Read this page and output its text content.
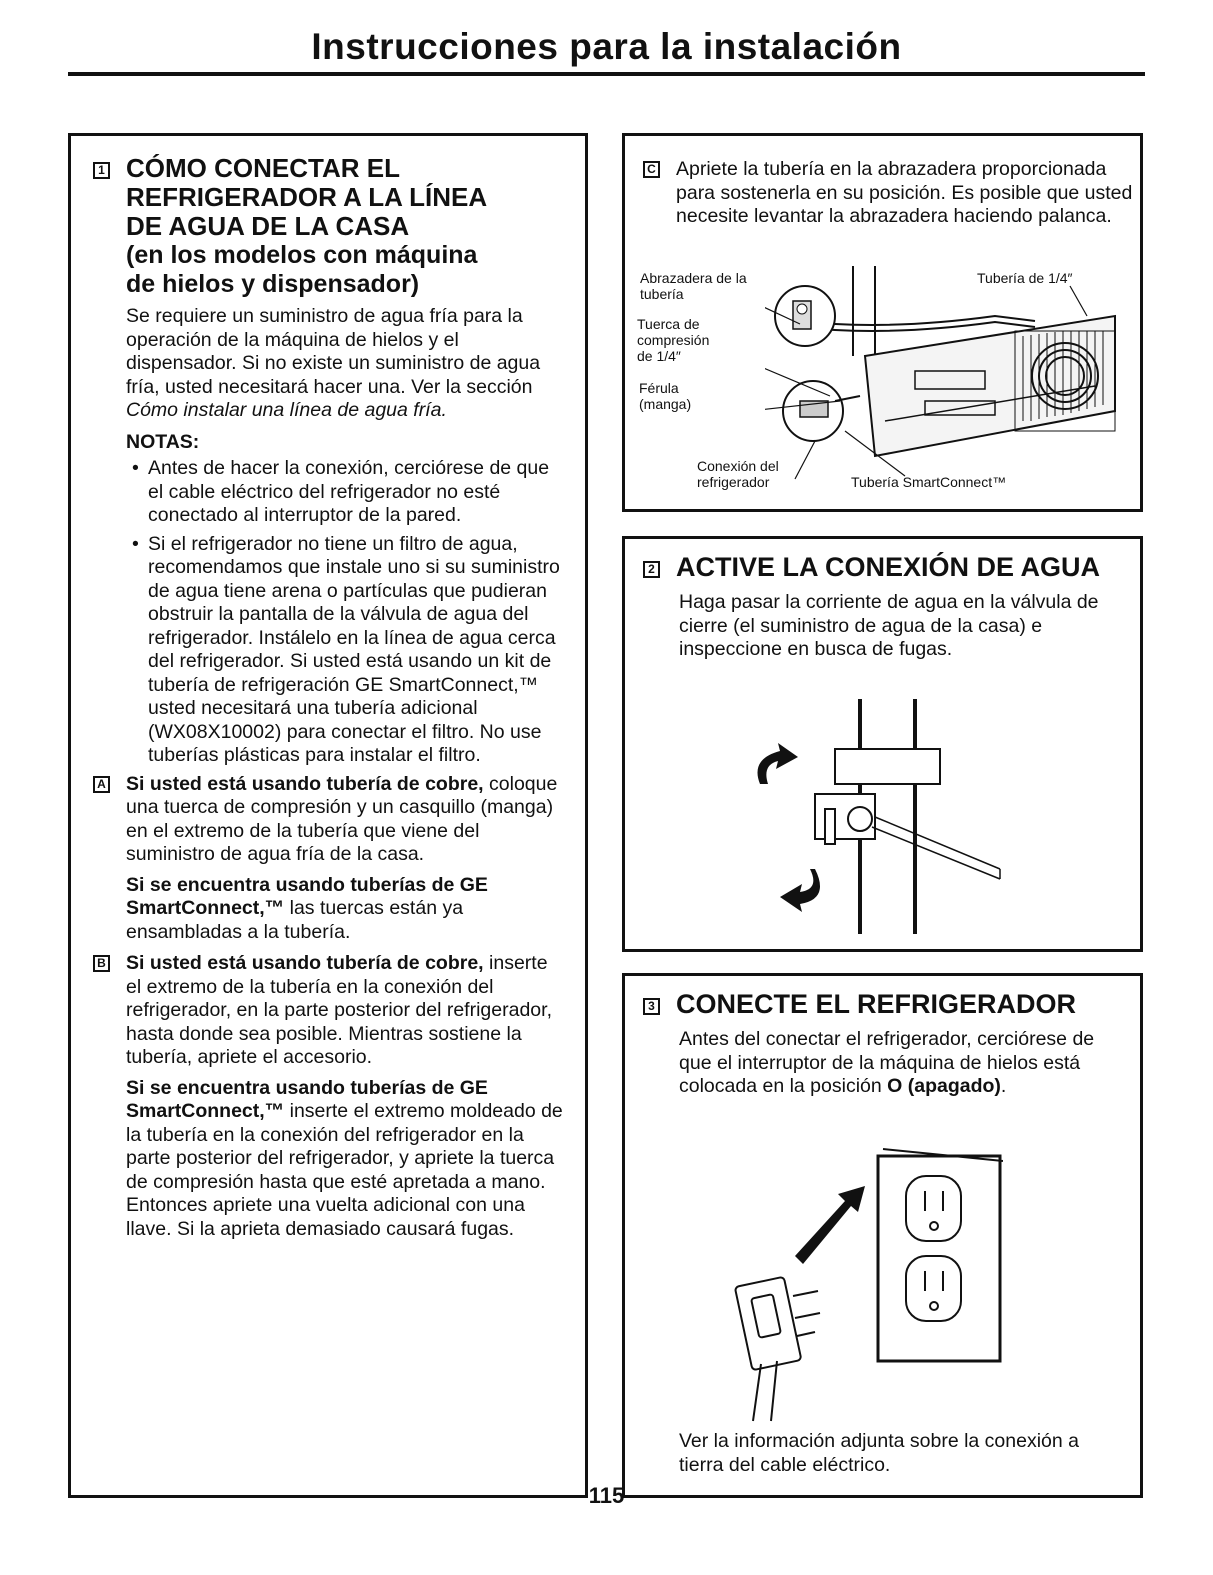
Instrucciones para la instalación
1 CÓMO CONECTAR EL
REFRIGERADOR A LA LÍNEA
DE AGUA DE LA CASA
(en los modelos con máquina
de hielos y dispensador)
Se requiere un suministro de agua fría para la operación de la máquina de hielos y el dispensador. Si no existe un suministro de agua fría, usted necesitará hacer una. Ver la sección Cómo instalar una línea de agua fría.
NOTAS:
• Antes de hacer la conexión, cerciórese de que el cable eléctrico del refrigerador no esté conectado al interruptor de la pared.
• Si el refrigerador no tiene un filtro de agua, recomendamos que instale uno si su suministro de agua tiene arena o partículas que pudieran obstruir la pantalla de la válvula de agua del refrigerador. Instálelo en la línea de agua cerca del refrigerador. Si usted está usando un kit de tubería de refrigeración GE SmartConnect,™ usted necesitará una tubería adicional (WX08X10002) para conectar el filtro. No use tuberías plásticas para instalar el filtro.
A Si usted está usando tubería de cobre, coloque una tuerca de compresión y un casquillo (manga) en el extremo de la tubería que viene del suministro de agua fría de la casa.
Si se encuentra usando tuberías de GE SmartConnect,™ las tuercas están ya ensambladas a la tubería.
B Si usted está usando tubería de cobre, inserte el extremo de la tubería en la conexión del refrigerador, en la parte posterior del refrigerador, hasta donde sea posible. Mientras sostiene la tubería, apriete el accesorio.
Si se encuentra usando tuberías de GE SmartConnect,™ inserte el extremo moldeado de la tubería en la conexión del refrigerador en la parte posterior del refrigerador, y apriete la tuerca de compresión hasta que esté apretada a mano. Entonces apriete una vuelta adicional con una llave. Si la aprieta demasiado causará fugas.
C Apriete la tubería en la abrazadera proporcionada para sostenerla en su posición. Es posible que usted necesite levantar la abrazadera haciendo palanca.
Abrazadera de la tubería
Tubería de 1/4″
Tuerca de compresión de 1/4″
Férula (manga)
Conexión del refrigerador	Tubería SmartConnect™
2 ACTIVE LA CONEXIÓN DE AGUA
Haga pasar la corriente de agua en la válvula de cierre (el suministro de agua de la casa) e inspeccione en busca de fugas.
3 CONECTE EL REFRIGERADOR
Antes del conectar el refrigerador, cerciórese de que el interruptor de la máquina de hielos está colocada en la posición O (apagado).
Ver la información adjunta sobre la conexión a tierra del cable eléctrico.
115
